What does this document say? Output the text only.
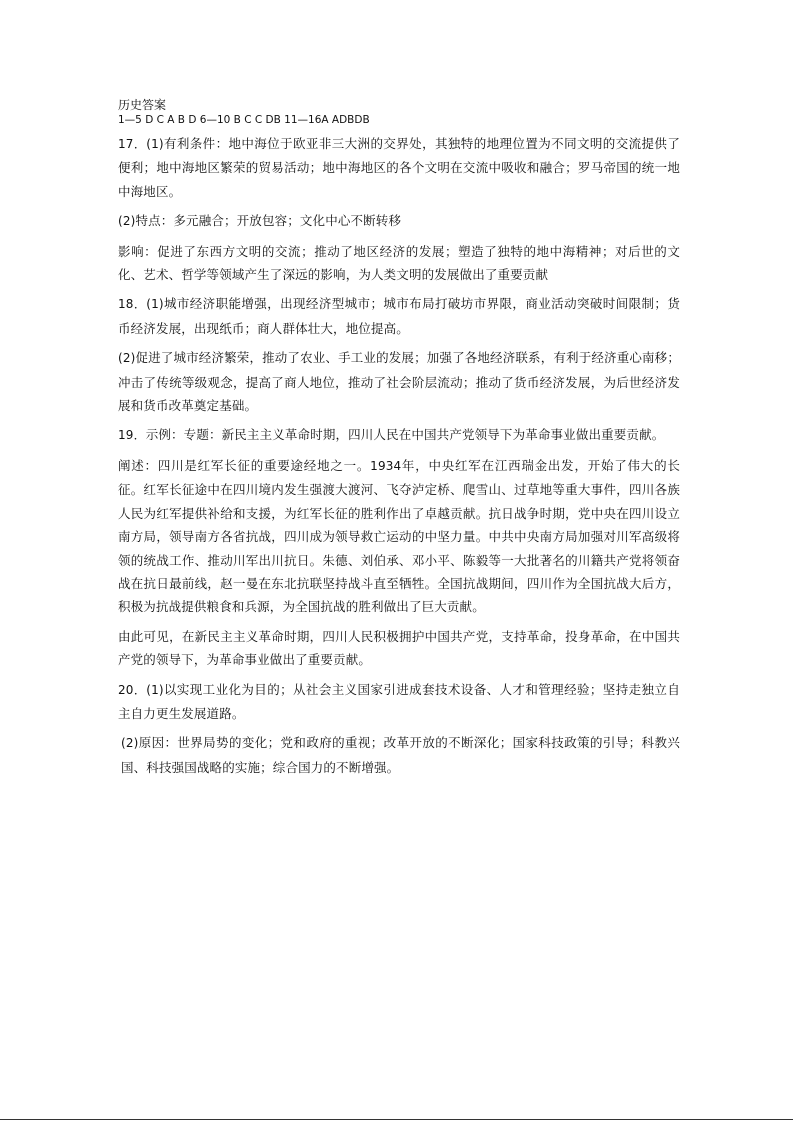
历史答案

1—5 D C A B D 6—10 B C C DB 11—16A ADBDB

17．(1)有利条件：地中海位于欧亚非三大洲的交界处，其独特的地理位置为不同文明的交流提供了便利；地中海地区繁荣的贸易活动；地中海地区的各个文明在交流中吸收和融合；罗马帝国的统一地中海地区。

(2)特点：多元融合；开放包容；文化中心不断转移

影响：促进了东西方文明的交流；推动了地区经济的发展；塑造了独特的地中海精神；对后世的文化、艺术、哲学等领域产生了深远的影响，为人类文明的发展做出了重要贡献

18．(1)城市经济职能增强，出现经济型城市；城市布局打破坊市界限，商业活动突破时间限制；货币经济发展，出现纸币；商人群体壮大，地位提高。

(2)促进了城市经济繁荣，推动了农业、手工业的发展；加强了各地经济联系，有利于经济重心南移；冲击了传统等级观念，提高了商人地位，推动了社会阶层流动；推动了货币经济发展，为后世经济发展和货币改革奠定基础。

19．示例：专题：新民主主义革命时期，四川人民在中国共产党领导下为革命事业做出重要贡献。

阐述：四川是红军长征的重要途经地之一。1934年，中央红军在江西瑞金出发，开始了伟大的长征。红军长征途中在四川境内发生强渡大渡河、飞夺泸定桥、爬雪山、过草地等重大事件，四川各族人民为红军提供补给和支援，为红军长征的胜利作出了卓越贡献。抗日战争时期，党中央在四川设立南方局，领导南方各省抗战，四川成为领导救亡运动的中坚力量。中共中央南方局加强对川军高级将领的统战工作、推动川军出川抗日。朱德、刘伯承、邓小平、陈毅等一大批著名的川籍共产党将领奋战在抗日最前线，赵一曼在东北抗联坚持战斗直至牺牲。全国抗战期间，四川作为全国抗战大后方，积极为抗战提供粮食和兵源，为全国抗战的胜利做出了巨大贡献。

由此可见，在新民主主义革命时期，四川人民积极拥护中国共产党，支持革命，投身革命，在中国共产党的领导下，为革命事业做出了重要贡献。

20．(1)以实现工业化为目的；从社会主义国家引进成套技术设备、人才和管理经验；坚持走独立自主自力更生发展道路。

(2)原因：世界局势的变化；党和政府的重视；改革开放的不断深化；国家科技政策的引导；科教兴国、科技强国战略的实施；综合国力的不断增强。
